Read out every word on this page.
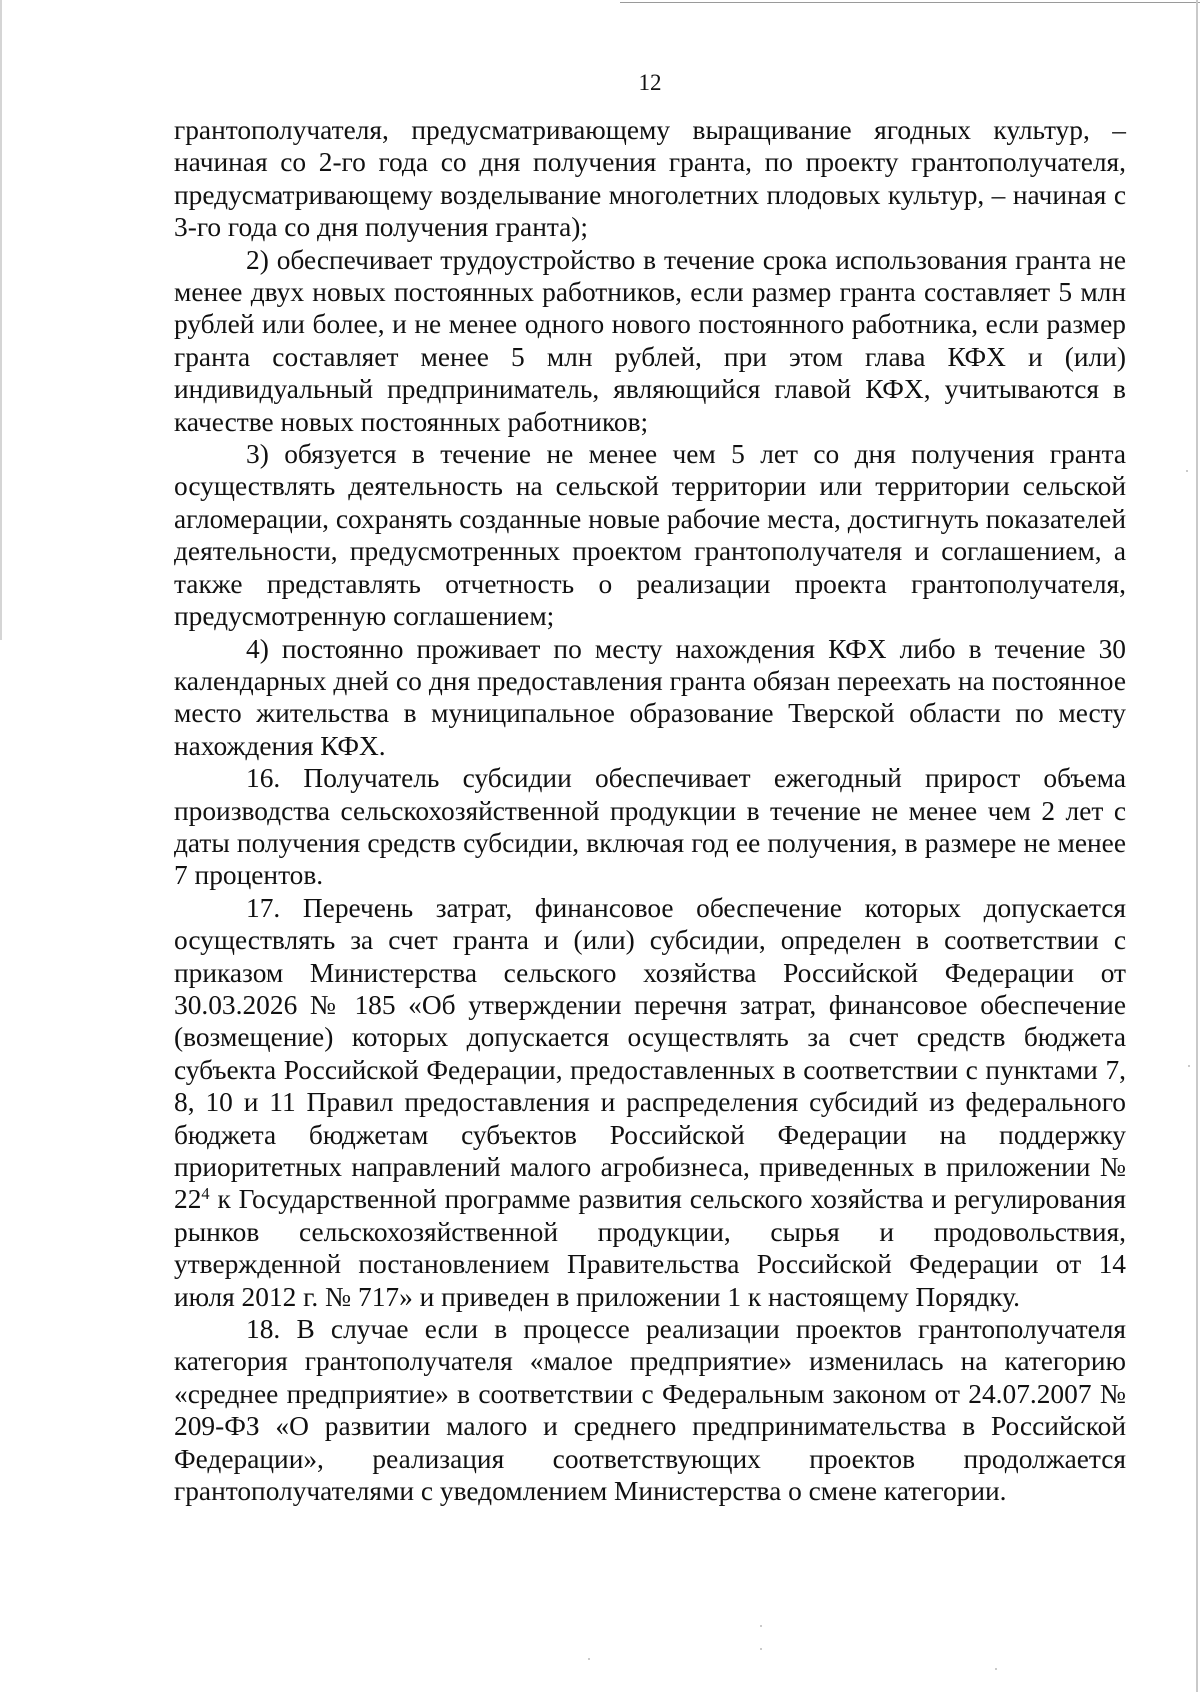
12

грантополучателя, предусматривающему выращивание ягодных культур, – начиная со 2-го года со дня получения гранта, по проекту грантополучателя, предусматривающему возделывание многолетних плодовых культур, – начиная с 3-го года со дня получения гранта);

2) обеспечивает трудоустройство в течение срока использования гранта не менее двух новых постоянных работников, если размер гранта составляет 5 млн рублей или более, и не менее одного нового постоянного работника, если размер гранта составляет менее 5 млн рублей, при этом глава КФХ и (или) индивидуальный предприниматель, являющийся главой КФХ, учитываются в качестве новых постоянных работников;

3) обязуется в течение не менее чем 5 лет со дня получения гранта осуществлять деятельность на сельской территории или территории сельской агломерации, сохранять созданные новые рабочие места, достигнуть показателей деятельности, предусмотренных проектом грантополучателя и соглашением, а также представлять отчетность о реализации проекта грантополучателя, предусмотренную соглашением;

4) постоянно проживает по месту нахождения КФХ либо в течение 30 календарных дней со дня предоставления гранта обязан переехать на постоянное место жительства в муниципальное образование Тверской области по месту нахождения КФХ.

16. Получатель субсидии обеспечивает ежегодный прирост объема производства сельскохозяйственной продукции в течение не менее чем 2 лет с даты получения средств субсидии, включая год ее получения, в размере не менее 7 процентов.

17. Перечень затрат, финансовое обеспечение которых допускается осуществлять за счет гранта и (или) субсидии, определен в соответствии с приказом Министерства сельского хозяйства Российской Федерации от 30.03.2026 № 185 «Об утверждении перечня затрат, финансовое обеспечение (возмещение) которых допускается осуществлять за счет средств бюджета субъекта Российской Федерации, предоставленных в соответствии с пунктами 7, 8, 10 и 11 Правил предоставления и распределения субсидий из федерального бюджета бюджетам субъектов Российской Федерации на поддержку приоритетных направлений малого агробизнеса, приведенных в приложении № $22^4$ к Государственной программе развития сельского хозяйства и регулирования рынков сельскохозяйственной продукции, сырья и продовольствия, утвержденной постановлением Правительства Российской Федерации от 14 июля 2012 г. № 717» и приведен в приложении 1 к настоящему Порядку.

18. В случае если в процессе реализации проектов грантополучателя категория грантополучателя «малое предприятие» изменилась на категорию «среднее предприятие» в соответствии с Федеральным законом от 24.07.2007 № 209-ФЗ «О развитии малого и среднего предпринимательства в Российской Федерации», реализация соответствующих проектов продолжается грантополучателями с уведомлением Министерства о смене категории.
